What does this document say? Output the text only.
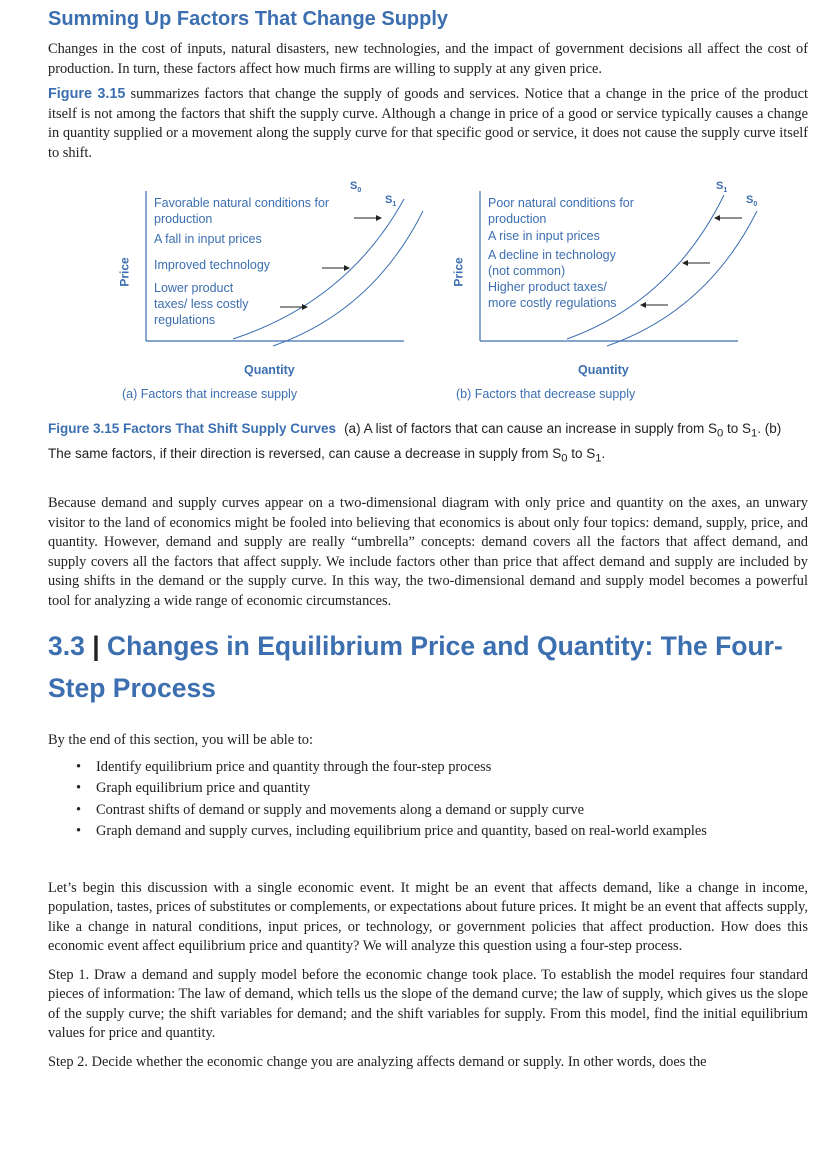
Summing Up Factors That Change Supply

Changes in the cost of inputs, natural disasters, new technologies, and the impact of government decisions all affect the cost of production. In turn, these factors affect how much firms are willing to supply at any given price.

Figure 3.15 summarizes factors that change the supply of goods and services. Notice that a change in the price of the product itself is not among the factors that shift the supply curve. Although a change in price of a good or service typically causes a change in quantity supplied or a movement along the supply curve for that specific good or service, it does not cause the supply curve itself to shift.

$S_0$
$S_1$
Favorable natural conditions for production
A fall in input prices
Improved technology
Lower product taxes/ less costly regulations
Price
Quantity
(a) Factors that increase supply
$S_1$
$S_0$
Poor natural conditions for production
A rise in input prices
A decline in technology (not common)
Higher product taxes/ more costly regulations
Price
Quantity
(b) Factors that decrease supply
Figure 3.15 Factors That Shift Supply Curves (a) A list of factors that can cause an increase in supply from $S_0$ to $S_1$. (b) The same factors, if their direction is reversed, can cause a decrease in supply from $S_0$ to $S_1$.

Because demand and supply curves appear on a two-dimensional diagram with only price and quantity on the axes, an unwary visitor to the land of economics might be fooled into believing that economics is about only four topics: demand, supply, price, and quantity. However, demand and supply are really “umbrella” concepts: demand covers all the factors that affect demand, and supply covers all the factors that affect supply. We include factors other than price that affect demand and supply are included by using shifts in the demand or the supply curve. In this way, the two-dimensional demand and supply model becomes a powerful tool for analyzing a wide range of economic circumstances.

3.3 | Changes in Equilibrium Price and Quantity: The Four-Step Process

By the end of this section, you will be able to:

• Identify equilibrium price and quantity through the four-step process
• Graph equilibrium price and quantity
• Contrast shifts of demand or supply and movements along a demand or supply curve
• Graph demand and supply curves, including equilibrium price and quantity, based on real-world examples

Let’s begin this discussion with a single economic event. It might be an event that affects demand, like a change in income, population, tastes, prices of substitutes or complements, or expectations about future prices. It might be an event that affects supply, like a change in natural conditions, input prices, or technology, or government policies that affect production. How does this economic event affect equilibrium price and quantity? We will analyze this question using a four-step process.

Step 1. Draw a demand and supply model before the economic change took place. To establish the model requires four standard pieces of information: The law of demand, which tells us the slope of the demand curve; the law of supply, which gives us the slope of the supply curve; the shift variables for demand; and the shift variables for supply. From this model, find the initial equilibrium values for price and quantity.

Step 2. Decide whether the economic change you are analyzing affects demand or supply. In other words, does the
